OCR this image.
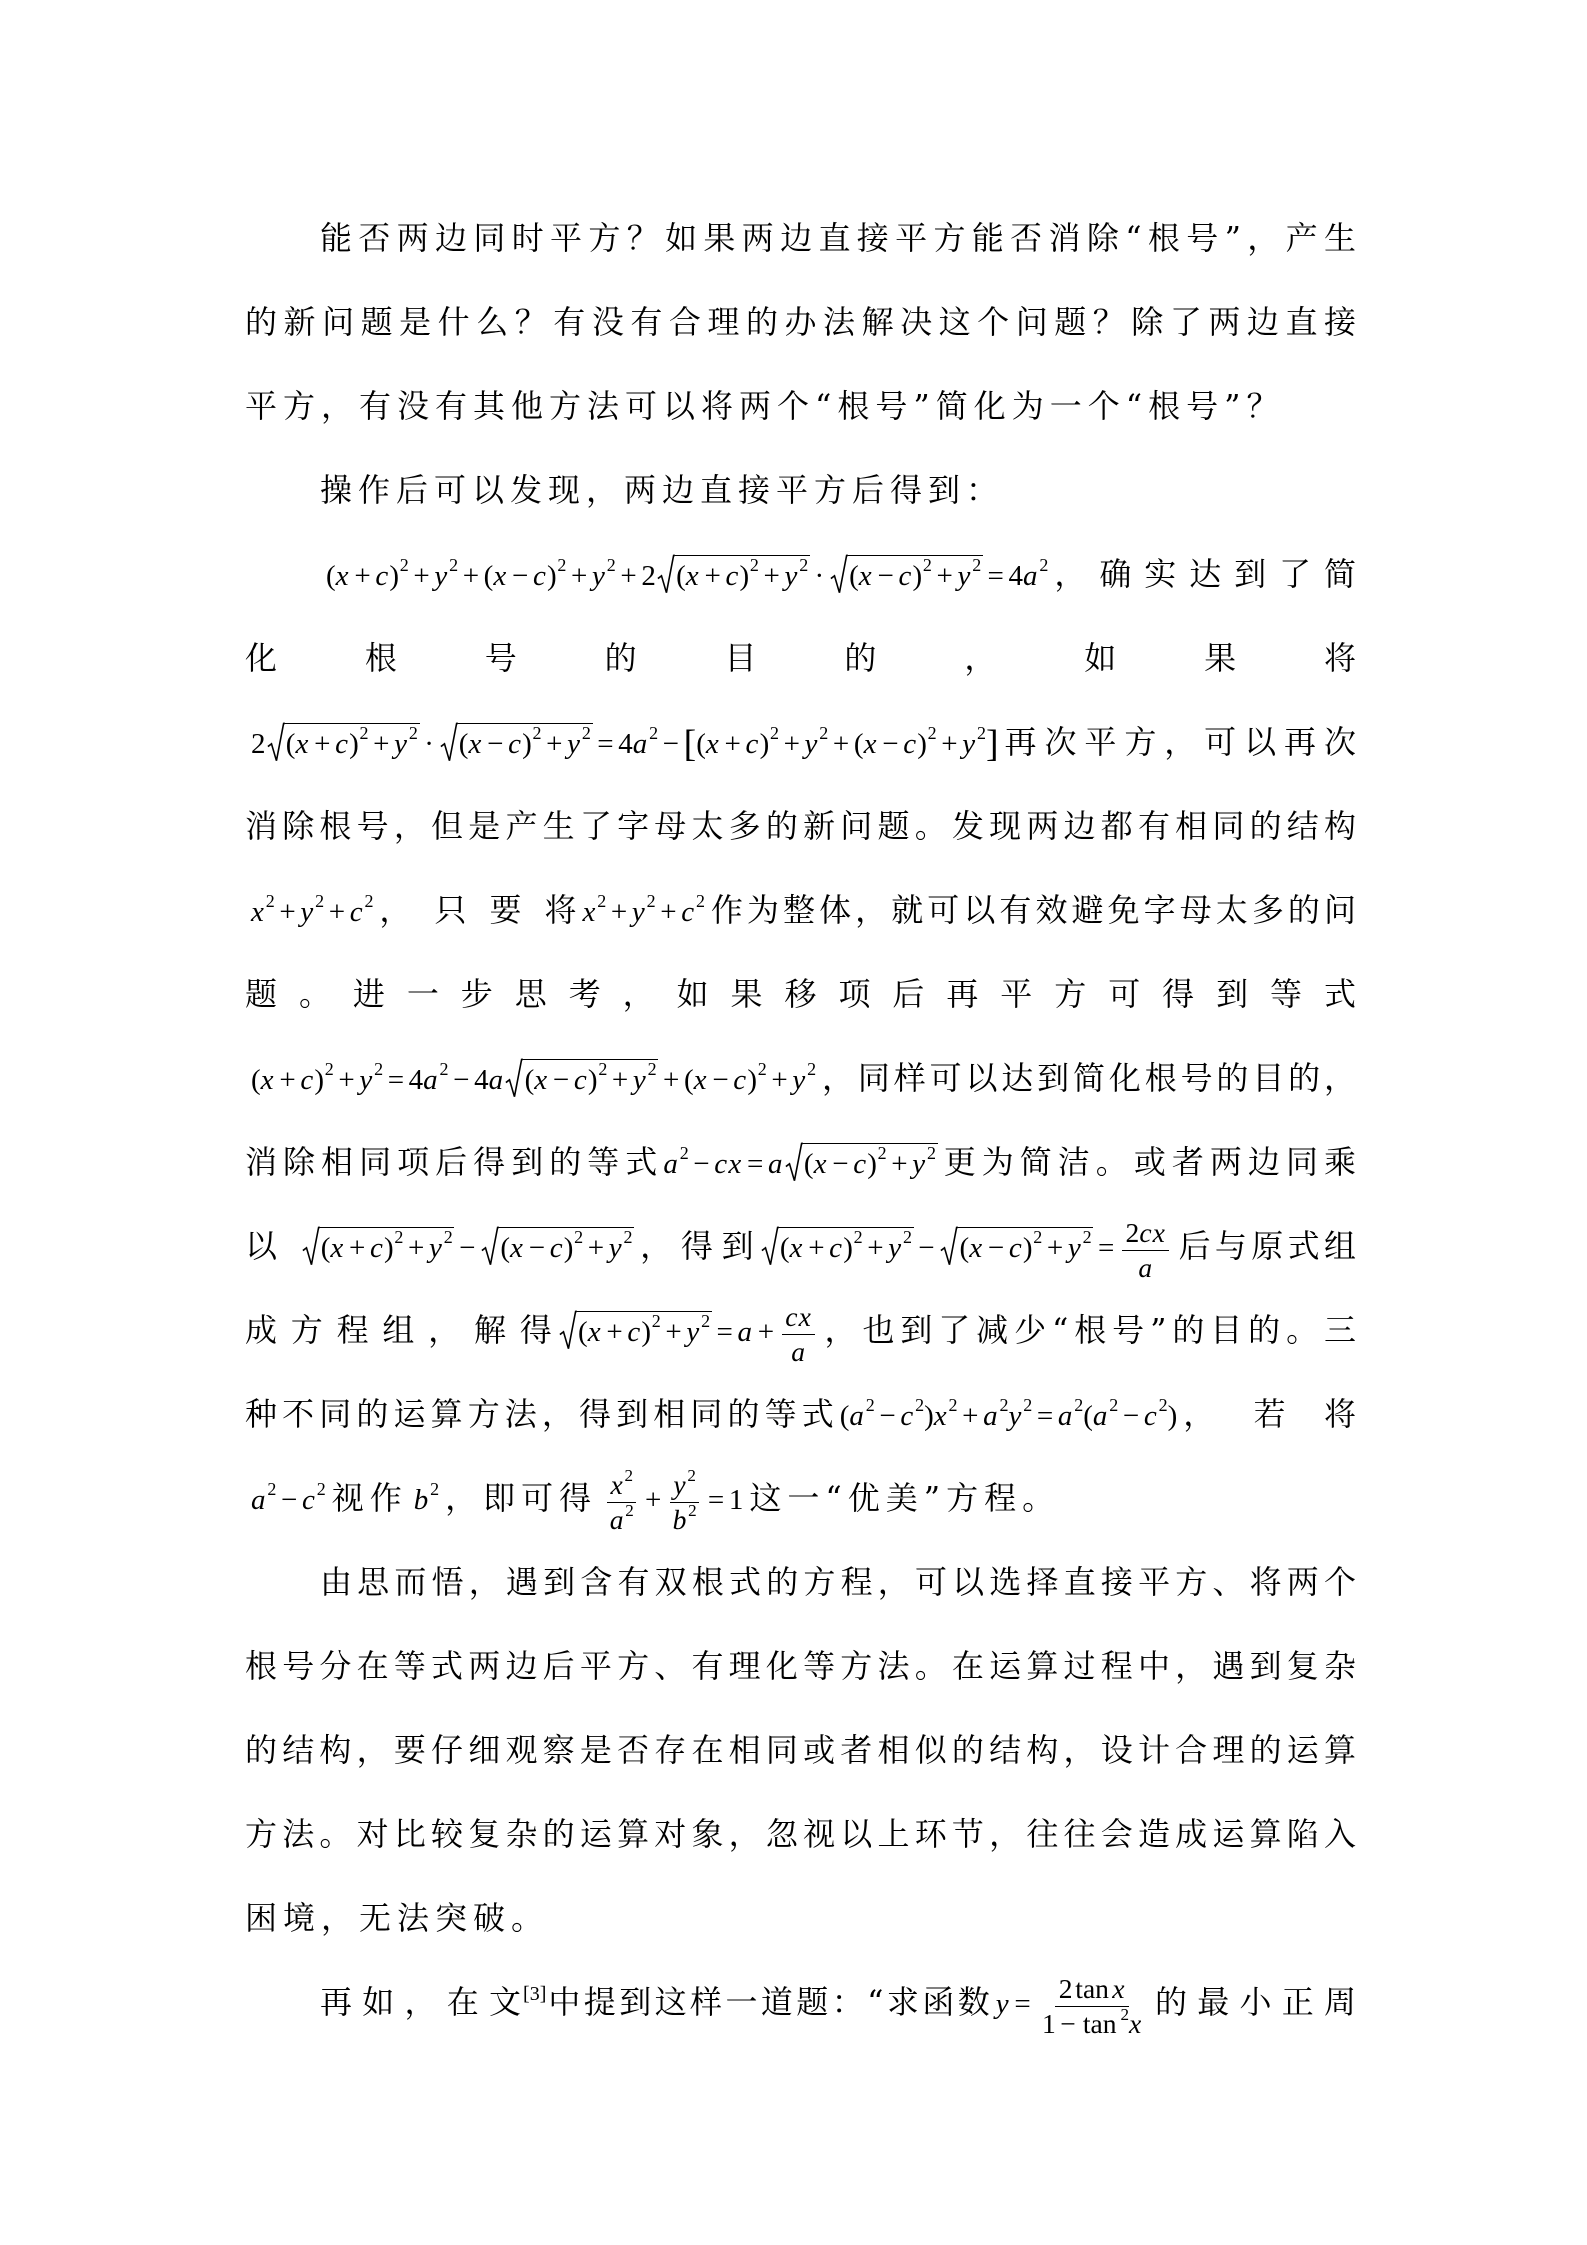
能否两边同时平方？如果两边直接平方能否消除“根号”，产生
的新问题是什么？有没有合理的办法解决这个问题？除了两边直接
平方，有没有其他方法可以将两个“根号”简化为一个“根号”？
操作后可以发现，两边直接平方后得到：
$(x + c)^2 + y$ $^2 + (x - c)^2 + y$ $^2$ + 2 $(x + c)^2 + y$ $^2 \cdot (x - c)^2 + y$ $^2$ = 4a $^2$ ，确实达到了简
化根号的目的，如果将
2 $(x + c)^2 + y$ $^2 \cdot (x - c)^2 + y$ $^2$ = 4a $^2 - [(x + c)^2 + y$ $^2 + (x - c)^2 + y$ $^2$] 再次平方，可以再次
消除根号，但是产生了字母太多的新问题。发现两边都有相同的结构
x $^2$ + y $^2$ + c $^2$ ，只要将 x $^2$ + y $^2$ + c $^2$ 作为整体，就可以有效避免字母太多的问
题。进一步思考，如果移项后再平方可得到等式
$(x + c)^2 + y$ $^2$ = 4a $^2$ − 4a $(x - c)^2 + y$ $^2 + (x - c)^2 + y$ $^2$ ，同样可以达到简化根号的目的，
消除相同项后得到的等式 a $^2$ − cx = a $(x - c)^2 + y$ $^2$ 更为简洁。或者两边同乘
以	$(x + c)^2 + y$ $^2 - (x - c)^2 + y$ $^2$ ，得到 $(x + c)^2 + y$ $^2 - (x - c)^2 + y$ $^2 = \frac{2cx}{a}$ 后与原式组
成方程组，解得 $(x + c)^2 + y$ $^2 = a + \frac{cx}{a}$ ，也到了减少“根号”的目的。三
种不同的运算方法，得到相同的等式 (a $^2$ − c $^2$)x $^2$ + a $^2$y $^2$ = a $^2$(a $^2$ − c $^2$) ，若将
a $^2$ − c $^2$ 视作 b $^2$ ，即可得 $\frac{x ^2}{a ^2} + \frac{y ^2}{b ^2} = 1$ 这一“优美”方程。
由思而悟，遇到含有双根式的方程，可以选择直接平方、将两个
根号分在等式两边后平方、有理化等方法。在运算过程中，遇到复杂
的结构，要仔细观察是否存在相同或者相似的结构，设计合理的运算
方法。对比较复杂的运算对象，忽视以上环节，往往会造成运算陷入
困境，无法突破。
再如，在文 [3] 中提到这样一道题：“求函数 $y = \frac{\text{2tan x}}{1 - \tan ^2x}$ 的最小正周
